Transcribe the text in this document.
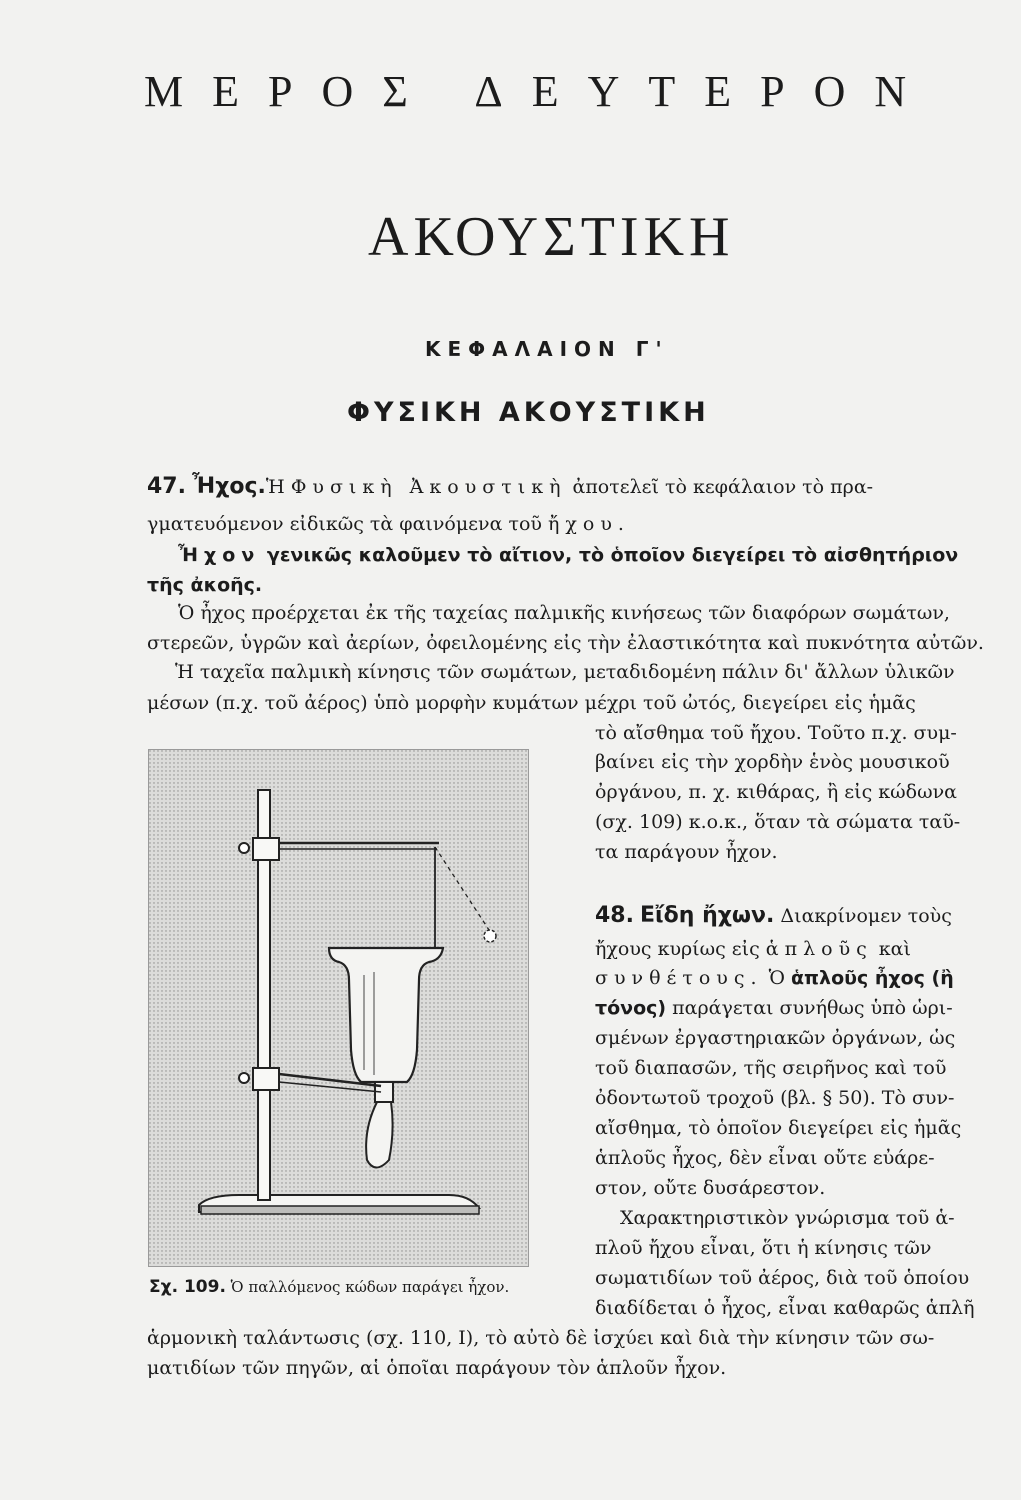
ΜΕΡΟΣ ΔΕΥΤΕΡΟΝ
ΑΚΟΥΣΤΙΚΗ
ΚΕΦΑΛΑΙΟΝ Γ'
ΦΥΣΙΚΗ ΑΚΟΥΣΤΙΚΗ
47. Ἦχος.Ἡ Φυσικὴ Ἀκουστικὴ ἀποτελεῖ τὸ κεφάλαιον τὸ πρα-
γματευόμενον εἰδικῶς τὰ φαινόμενα τοῦ ἤχου.
Ἦχον γενικῶς καλοῦμεν τὸ αἴτιον, τὸ ὁποῖον διεγείρει τὸ αἰσθητήριον
τῆς ἀκοῆς.
Ὁ ἦχος προέρχεται ἐκ τῆς ταχείας παλμικῆς κινήσεως τῶν διαφόρων σωμάτων,
στερεῶν, ὑγρῶν καὶ ἀερίων, ὀφειλομένης εἰς τὴν ἐλαστικότητα καὶ πυκνότητα αὐτῶν.
Ἡ ταχεῖα παλμικὴ κίνησις τῶν σωμάτων, μεταδιδομένη πάλιν δι' ἄλλων ὑλικῶν
μέσων (π.χ. τοῦ ἀέρος) ὑπὸ μορφὴν κυμάτων μέχρι τοῦ ὠτός, διεγείρει εἰς ἡμᾶς
τὸ αἴσθημα τοῦ ἤχου. Τοῦτο π.χ. συμ-
βαίνει εἰς τὴν χορδὴν ἑνὸς μουσικοῦ
ὀργάνου, π. χ. κιθάρας, ἢ εἰς κώδωνα
(σχ. 109) κ.ο.κ., ὅταν τὰ σώματα ταῦ-
τα παράγουν ἦχον.
Σχ. 109. Ὁ παλλόμενος κώδων παράγει ἦχον.
48. Εἴδη ἤχων. Διακρίνομεν τοὺς
ἤχους κυρίως εἰς ἁπλοῦς καὶ
συνθέτους. Ὁ ἁπλοῦς ἦχος (ἢ
τόνος) παράγεται συνήθως ὑπὸ ὡρι-
σμένων ἐργαστηριακῶν ὀργάνων, ὡς
τοῦ διαπασῶν, τῆς σειρῆνος καὶ τοῦ
ὀδοντωτοῦ τροχοῦ (βλ. § 50). Τὸ συν-
αἴσθημα, τὸ ὁποῖον διεγείρει εἰς ἡμᾶς
ἁπλοῦς ἦχος, δὲν εἶναι οὔτε εὐάρε-
στον, οὔτε δυσάρεστον.
Χαρακτηριστικὸν γνώρισμα τοῦ ἁ-
πλοῦ ἤχου εἶναι, ὅτι ἡ κίνησις τῶν
σωματιδίων τοῦ ἀέρος, διὰ τοῦ ὁποίου
διαδίδεται ὁ ἦχος, εἶναι καθαρῶς ἁπλῆ
ἁρμονικὴ ταλάντωσις (σχ. 110, Ι), τὸ αὐτὸ δὲ ἰσχύει καὶ διὰ τὴν κίνησιν τῶν σω-
ματιδίων τῶν πηγῶν, αἱ ὁποῖαι παράγουν τὸν ἁπλοῦν ἦχον.
